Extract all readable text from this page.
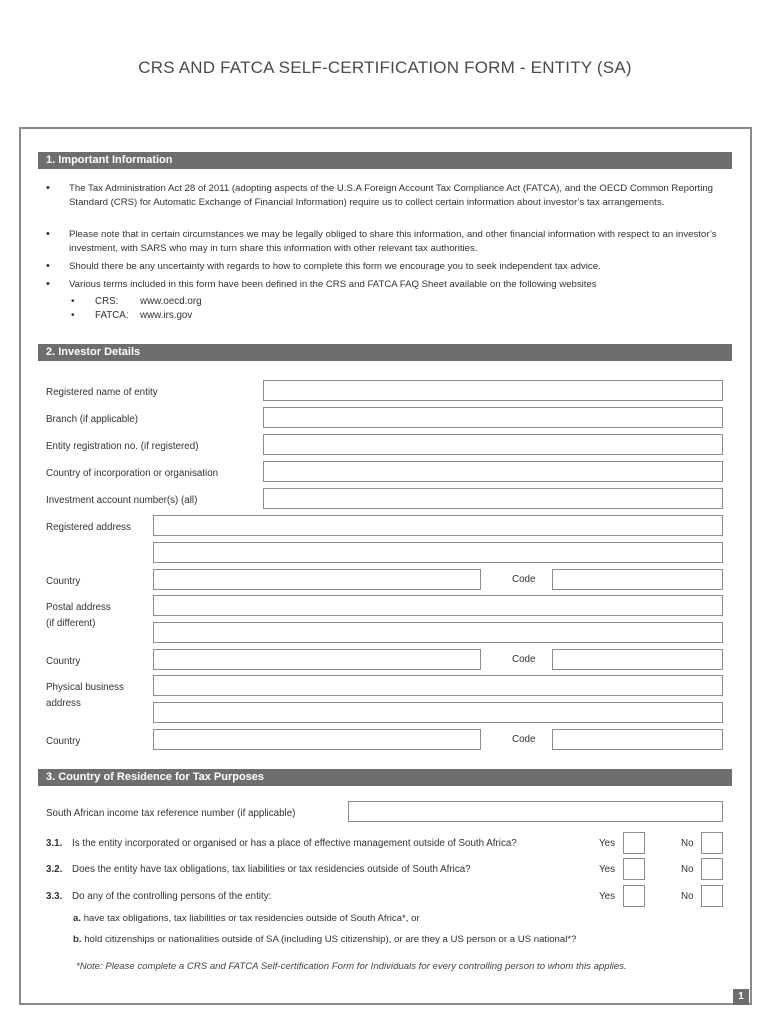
CRS AND FATCA SELF-CERTIFICATION FORM - ENTITY (SA)
1. Important Information
•	The Tax Administration Act 28 of 2011 (adopting aspects of the U.S.A Foreign Account Tax Compliance Act (FATCA), and the OECD Common Reporting Standard (CRS) for Automatic Exchange of Financial Information) require us to collect certain information about investor’s tax arrangements.
•	Please note that in certain circumstances we may be legally obliged to share this information, and other financial information with respect to an investor’s investment, with SARS who may in turn share this information with other relevant tax authorities.
•	Should there be any uncertainty with regards to how to complete this form we encourage you to seek independent tax advice.
•	Various terms included in this form have been defined in the CRS and FATCA FAQ Sheet available on the following websites
• CRS: www.oecd.org
• FATCA: www.irs.gov
2. Investor Details
Registered name of entity
Branch (if applicable)
Entity registration no. (if registered)
Country of incorporation or organisation
Investment account number(s) (all)
Registered address
Country	Code
Postal address
(if different)
Country	Code
Physical business
address
Country	Code
3. Country of Residence for Tax Purposes
South African income tax reference number (if applicable)
3.1. Is the entity incorporated or organised or has a place of effective management outside of South Africa?	Yes	No
3.2. Does the entity have tax obligations, tax liabilities or tax residencies outside of South Africa?	Yes	No
3.3. Do any of the controlling persons of the entity:	Yes	No
a. have tax obligations, tax liabilities or tax residencies outside of South Africa*, or
b. hold citizenships or nationalities outside of SA (including US citizenship), or are they a US person or a US national*?
*Note: Please complete a CRS and FATCA Self-certification Form for Individuals for every controlling person to whom this applies.
1
